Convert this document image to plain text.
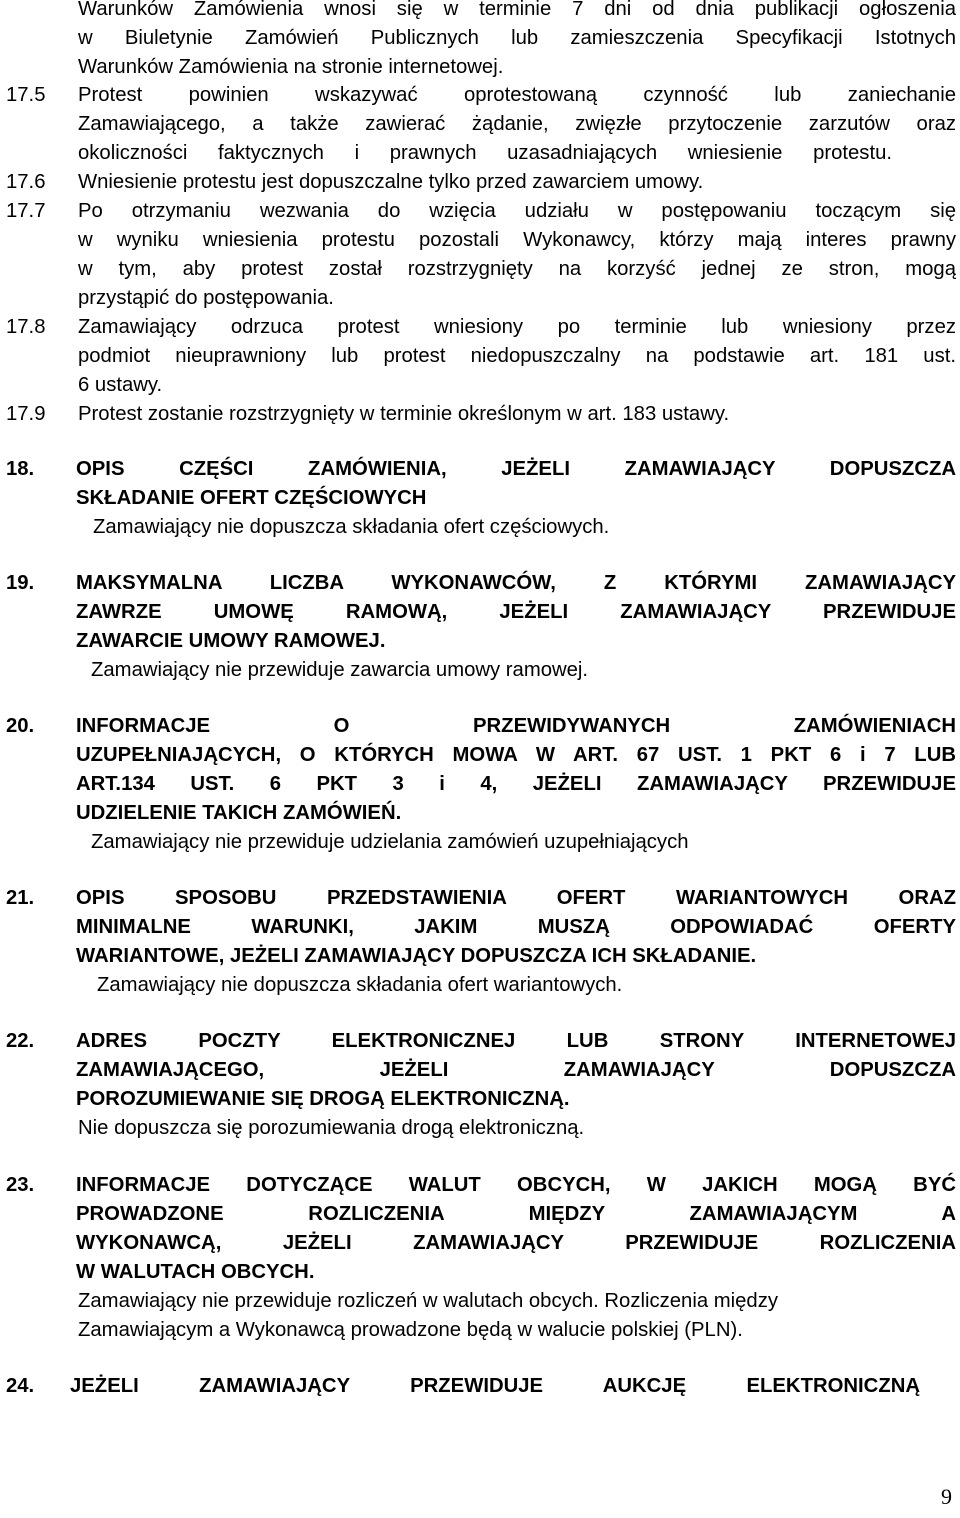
Warunków Zamówienia wnosi się w terminie 7 dni od dnia publikacji ogłoszenia
w Biuletynie Zamówień Publicznych lub zamieszczenia Specyfikacji Istotnych
Warunków Zamówienia na stronie internetowej.
17.5 Protest powinien wskazywać oprotestowaną czynność lub zaniechanie
Zamawiającego, a także zawierać żądanie, zwięzłe przytoczenie zarzutów oraz
okoliczności faktycznych i prawnych uzasadniających wniesienie protestu.
17.6 Wniesienie protestu jest dopuszczalne tylko przed zawarciem umowy.
17.7 Po otrzymaniu wezwania do wzięcia udziału w postępowaniu toczącym się
w wyniku wniesienia protestu pozostali Wykonawcy, którzy mają interes prawny
w tym, aby protest został rozstrzygnięty na korzyść jednej ze stron, mogą
przystąpić do postępowania.
17.8 Zamawiający odrzuca protest wniesiony po terminie lub wniesiony przez
podmiot nieuprawniony lub protest niedopuszczalny na podstawie art. 181 ust.
6 ustawy.
17.9 Protest zostanie rozstrzygnięty w terminie określonym w art. 183 ustawy.
18. OPIS CZĘŚCI ZAMÓWIENIA, JEŻELI ZAMAWIAJĄCY DOPUSZCZA
SKŁADANIE OFERT CZĘŚCIOWYCH
Zamawiający nie dopuszcza składania ofert częściowych.
19. MAKSYMALNA LICZBA WYKONAWCÓW, Z KTÓRYMI ZAMAWIAJĄCY
ZAWRZE UMOWĘ RAMOWĄ, JEŻELI ZAMAWIAJĄCY PRZEWIDUJE
ZAWARCIE UMOWY RAMOWEJ.
Zamawiający nie przewiduje zawarcia umowy ramowej.
20. INFORMACJE O PRZEWIDYWANYCH ZAMÓWIENIACH
UZUPEŁNIAJĄCYCH, O KTÓRYCH MOWA W ART. 67 UST. 1 PKT 6 i 7 LUB
ART.134 UST. 6 PKT 3 i 4, JEŻELI ZAMAWIAJĄCY PRZEWIDUJE
UDZIELENIE TAKICH ZAMÓWIEŃ.
Zamawiający nie przewiduje udzielania zamówień uzupełniających
21. OPIS SPOSOBU PRZEDSTAWIENIA OFERT WARIANTOWYCH ORAZ
MINIMALNE WARUNKI, JAKIM MUSZĄ ODPOWIADAĆ OFERTY
WARIANTOWE, JEŻELI ZAMAWIAJĄCY DOPUSZCZA ICH SKŁADANIE.
Zamawiający nie dopuszcza składania ofert wariantowych.
22. ADRES POCZTY ELEKTRONICZNEJ LUB STRONY INTERNETOWEJ
ZAMAWIAJĄCEGO, JEŻELI ZAMAWIAJĄCY DOPUSZCZA
POROZUMIEWANIE SIĘ DROGĄ ELEKTRONICZNĄ.
Nie dopuszcza się porozumiewania drogą elektroniczną.
23. INFORMACJE DOTYCZĄCE WALUT OBCYCH, W JAKICH MOGĄ BYĆ
PROWADZONE ROZLICZENIA MIĘDZY ZAMAWIAJĄCYM A
WYKONAWCĄ, JEŻELI ZAMAWIAJĄCY PRZEWIDUJE ROZLICZENIA
W WALUTACH OBCYCH.
Zamawiający nie przewiduje rozliczeń w walutach obcych. Rozliczenia między
Zamawiającym a Wykonawcą prowadzone będą w walucie polskiej (PLN).
24. JEŻELI ZAMAWIAJĄCY PRZEWIDUJE AUKCJĘ ELEKTRONICZNĄ
9
